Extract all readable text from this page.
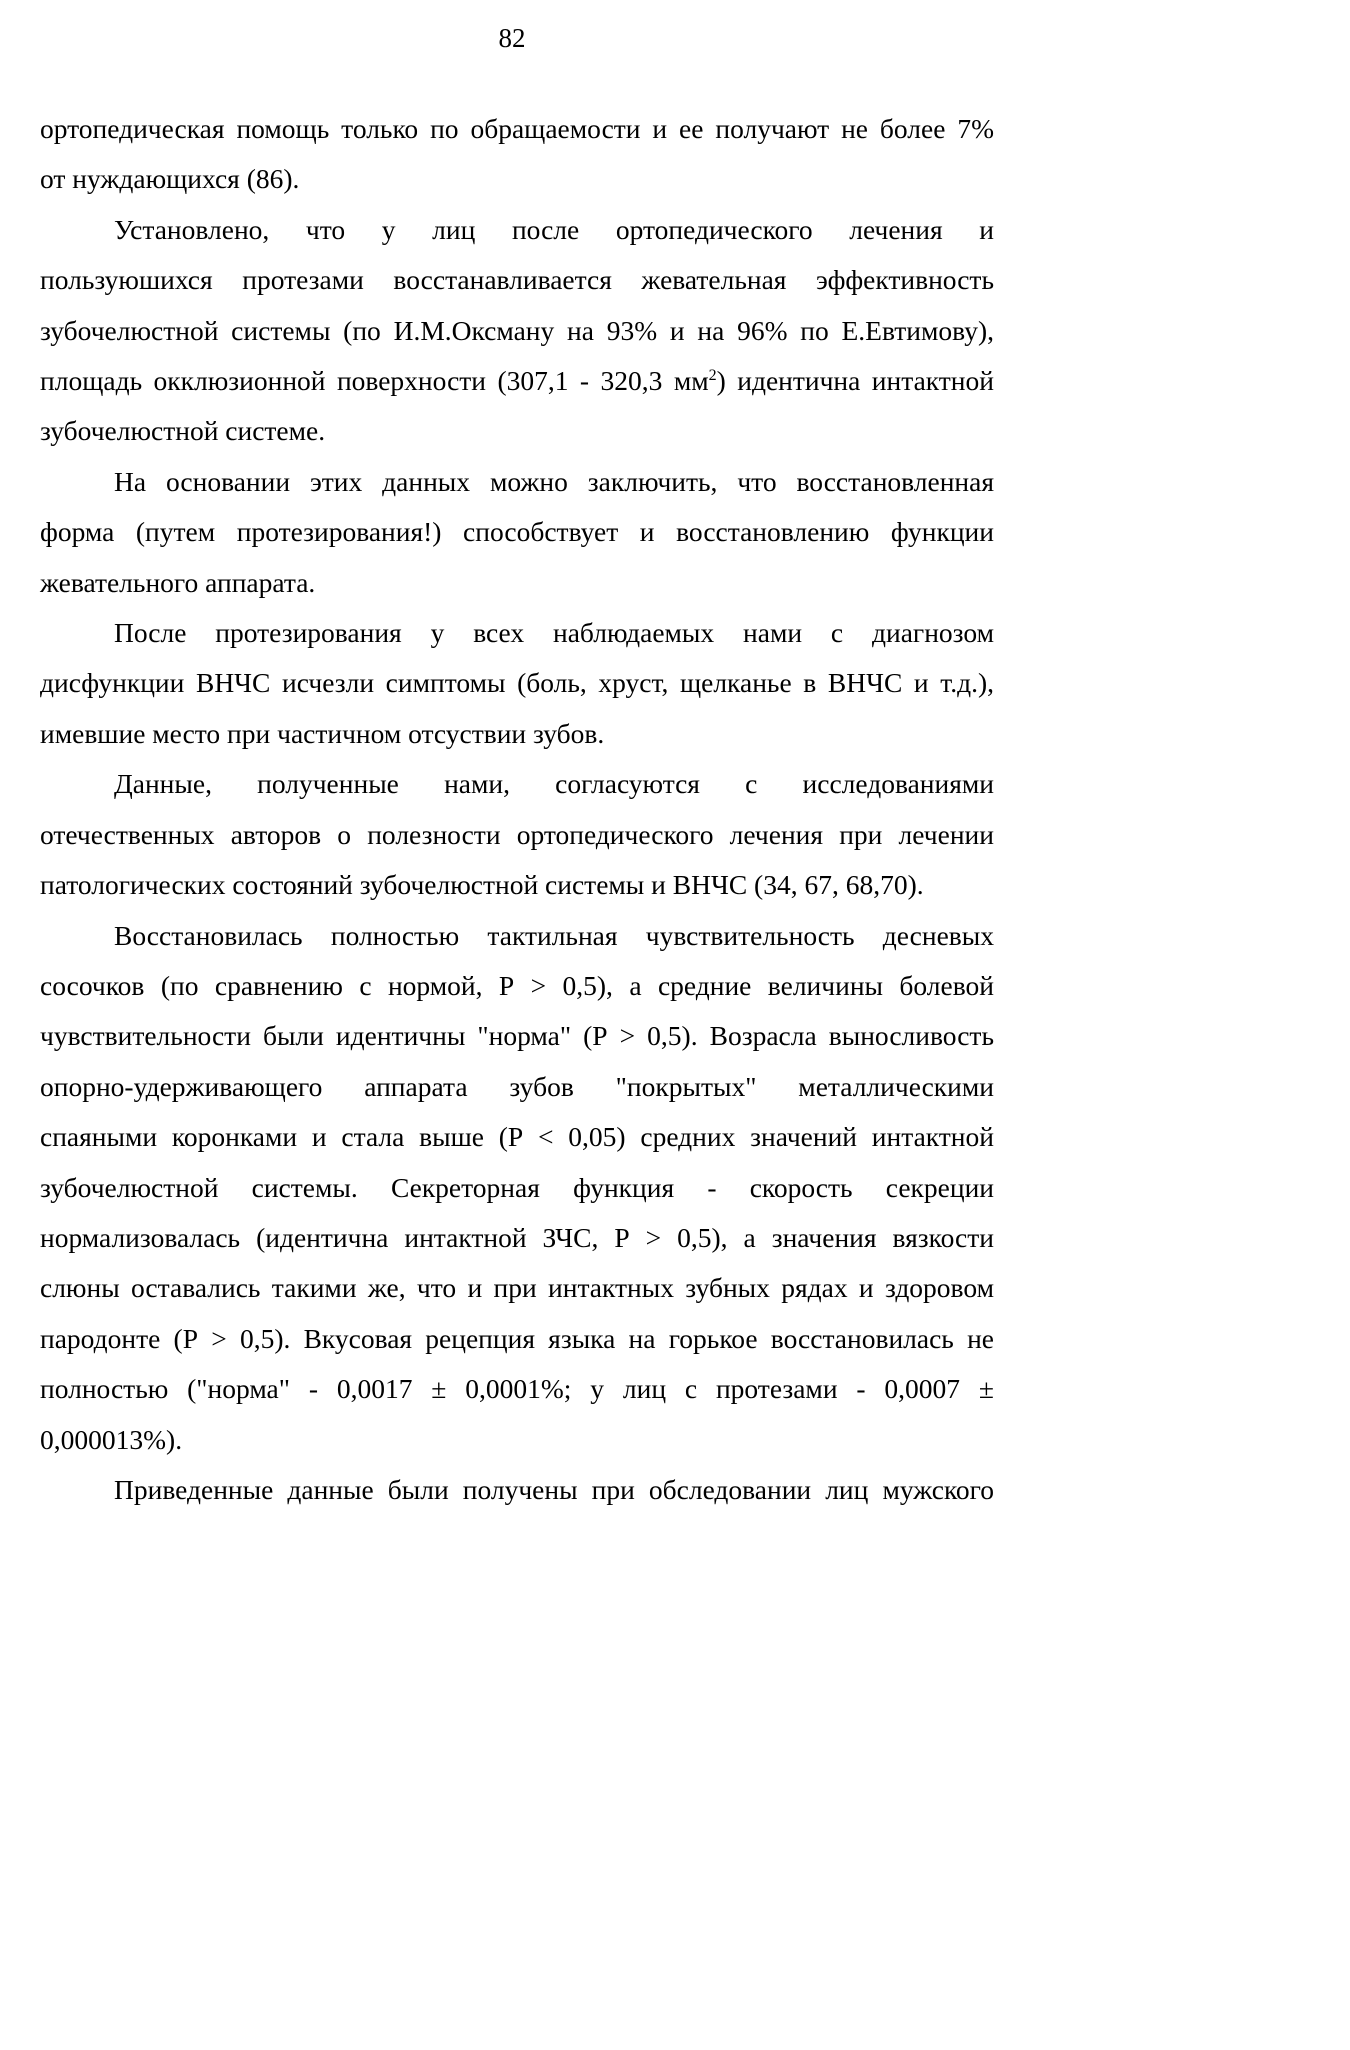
82

ортопедическая помощь только по обращаемости и ее получают не более 7%
от нуждающихся (86).

Установлено, что у лиц после ортопедического лечения и
пользуюшихся протезами восстанавливается жевательная эффективность
зубочелюстной системы (по И.М.Оксману на 93% и на 96% по Е.Евтимову),
площадь окклюзионной поверхности (307,1 - 320,3 $мм^2$) идентична интактной
зубочелюстной системе.

На основании этих данных можно заключить, что восстановленная
форма (путем протезирования!) способствует и восстановлению функции
жевательного аппарата.

После протезирования у всех наблюдаемых нами с диагнозом
дисфункции ВНЧС исчезли симптомы (боль, хруст, щелканье в ВНЧС и т.д.),
имевшие место при частичном отсуствии зубов.

Данные, полученные нами, согласуются с исследованиями
отечественных авторов о полезности ортопедического лечения при лечении
патологических состояний зубочелюстной системы и ВНЧС (34, 67, 68,70).

Восстановилась полностью тактильная чувствительность десневых
сосочков (по сравнению с нормой, Р > 0,5), а средние величины болевой
чувствительности были идентичны "норма" (Р > 0,5). Возрасла выносливость
опорно-удерживающего аппарата зубов "покрытых" металлическими
спаяными коронками и стала выше (Р < 0,05) средних значений интактной
зубочелюстной системы. Секреторная функция - скорость секреции
нормализовалась (идентична интактной ЗЧС, Р > 0,5), а значения вязкости
слюны оставались такими же, что и при интактных зубных рядах и здоровом
пародонте (Р > 0,5). Вкусовая рецепция языка на горькое восстановилась не
полностью ("норма" - 0,0017 ± 0,0001%; у лиц с протезами - 0,0007 ±
0,000013%).

Приведенные данные были получены при обследовании лиц мужского
